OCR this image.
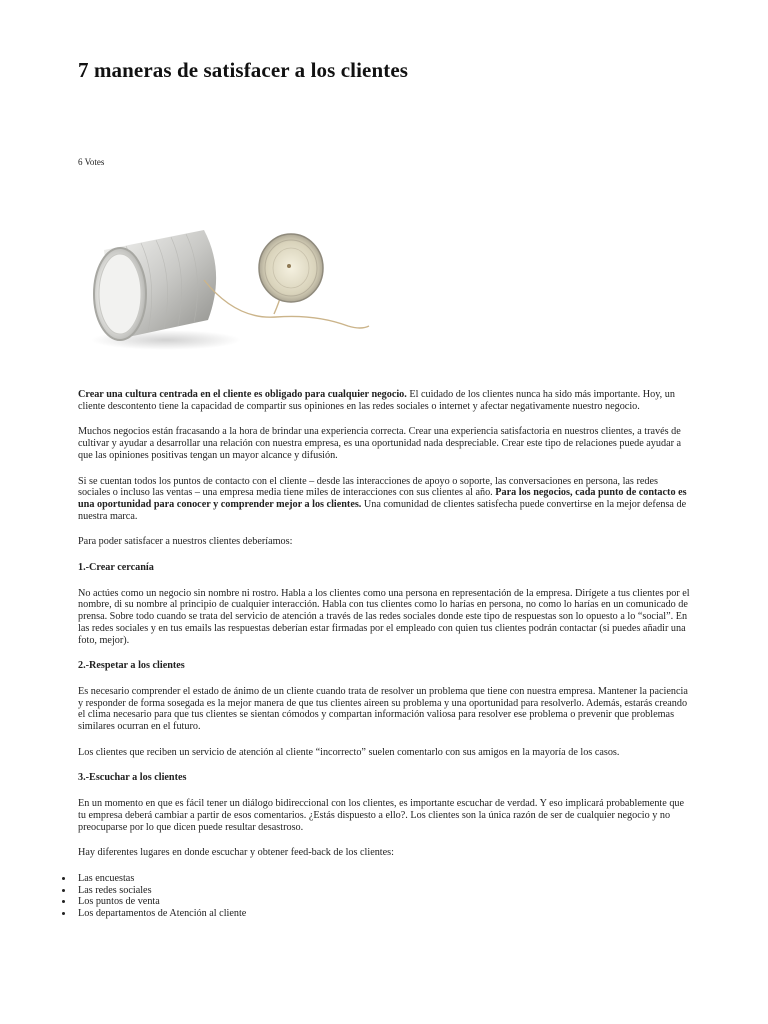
7 maneras de satisfacer a los clientes
6 Votes

Crear una cultura centrada en el cliente es obligado para cualquier negocio. El cuidado de los clientes nunca ha sido más importante. Hoy, un cliente descontento tiene la capacidad de compartir sus opiniones en las redes sociales o internet y afectar negativamente nuestro negocio.

Muchos negocios están fracasando a la hora de brindar una experiencia correcta. Crear una experiencia satisfactoria en nuestros clientes, a través de cultivar y ayudar a desarrollar una relación con nuestra empresa, es una oportunidad nada despreciable. Crear este tipo de relaciones puede ayudar a que las opiniones positivas tengan un mayor alcance y difusión.

Si se cuentan todos los puntos de contacto con el cliente – desde las interacciones de apoyo o soporte, las conversaciones en persona, las redes sociales o incluso las ventas – una empresa media tiene miles de interacciones con sus clientes al año. Para los negocios, cada punto de contacto es una oportunidad para conocer y comprender mejor a los clientes. Una comunidad de clientes satisfecha puede convertirse en la mejor defensa de nuestra marca.

Para poder satisfacer a nuestros clientes deberíamos:

1.-Crear cercanía

No actúes como un negocio sin nombre ni rostro. Habla a los clientes como una persona en representación de la empresa. Dirígete a tus clientes por el nombre, di su nombre al principio de cualquier interacción. Habla con tus clientes como lo harías en persona, no como lo harías en un comunicado de prensa. Sobre todo cuando se trata del servicio de atención a través de las redes sociales donde este tipo de respuestas son lo opuesto a lo “social”. En las redes sociales y en tus emails las respuestas deberían estar firmadas por el empleado con quien tus clientes podrán contactar (si puedes añadir una foto, mejor).

2.-Respetar a los clientes

Es necesario comprender el estado de ánimo de un cliente cuando trata de resolver un problema que tiene con nuestra empresa. Mantener la paciencia y responder de forma sosegada es la mejor manera de que tus clientes aireen su problema y una oportunidad para resolverlo. Además, estarás creando el clima necesario para que tus clientes se sientan cómodos y compartan información valiosa para resolver ese problema o prevenir que problemas similares ocurran en el futuro.

Los clientes que reciben un servicio de atención al cliente “incorrecto” suelen comentarlo con sus amigos en la mayoría de los casos.

3.-Escuchar a los clientes

En un momento en que es fácil tener un diálogo bidireccional con los clientes, es importante escuchar de verdad. Y eso implicará probablemente que tu empresa deberá cambiar a partir de esos comentarios. ¿Estás dispuesto a ello?. Los clientes son la única razón de ser de cualquier negocio y no preocuparse por lo que dicen puede resultar desastroso.

Hay diferentes lugares en donde escuchar y obtener feed-back de los clientes:

Las encuestas
Las redes sociales
Los puntos de venta
Los departamentos de Atención al cliente
